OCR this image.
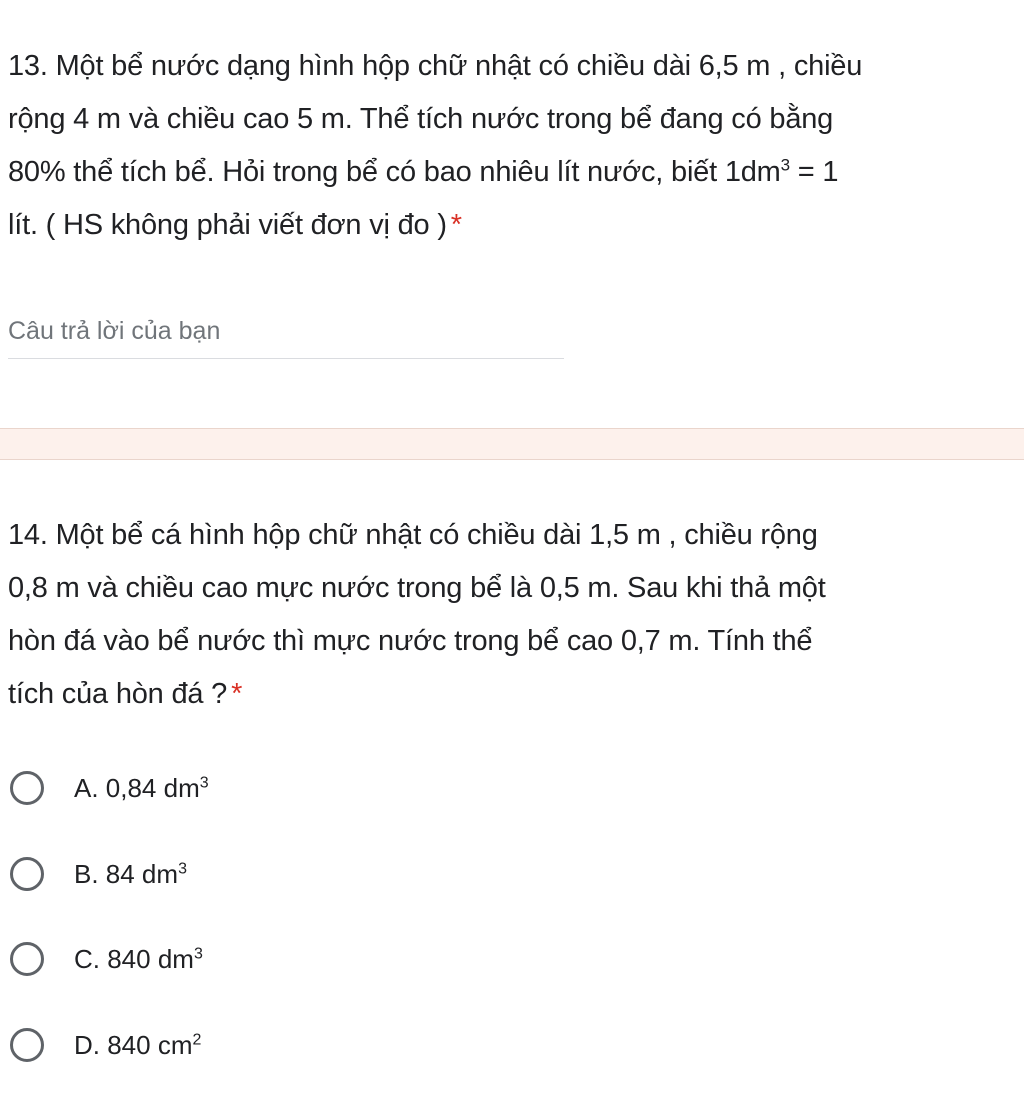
13. Một bể nước dạng hình hộp chữ nhật có chiều dài 6,5 m , chiều
rộng 4 m và chiều cao 5 m. Thể tích nước trong bể đang có bằng
80% thể tích bể. Hỏi trong bể có bao nhiêu lít nước, biết $1dm^3 = 1$
lít. ( HS không phải viết đơn vị đo ) *
Câu trả lời của bạn
14. Một bể cá hình hộp chữ nhật có chiều dài 1,5 m , chiều rộng
0,8 m và chiều cao mực nước trong bể là 0,5 m. Sau khi thả một
hòn đá vào bể nước thì mực nước trong bể cao 0,7 m. Tính thể
tích của hòn đá ? *
A. 0,84 $dm^3$
B. 84 $dm^3$
C. 840 $dm^3$
D. 840 $cm^2$
